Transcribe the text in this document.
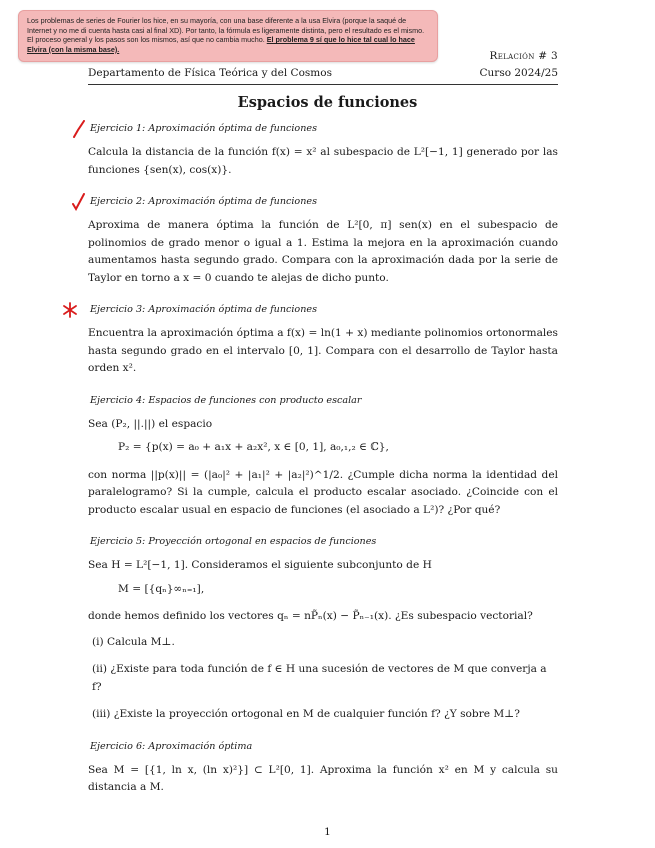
Los problemas de series de Fourier los hice, en su mayoría, con una base diferente a la usa Elvira (porque la saqué de Internet y no me di cuenta hasta casi al final XD). Por tanto, la fórmula es ligeramente distinta, pero el resultado es el mismo. El proceso general y los pasos son los mismos, así que no cambia mucho. El problema 9 sí que lo hice tal cual lo hace Elvira (con la misma base).
Relación # 3
Departamento de Física Teórica y del Cosmos	Curso 2024/25
Espacios de funciones
Ejercicio 1: Aproximación óptima de funciones

Calcula la distancia de la función f(x) = x² al subespacio de L²[−1, 1] generado por las funciones {sen(x), cos(x)}.

Ejercicio 2: Aproximación óptima de funciones

Aproxima de manera óptima la función de L²[0, π] sen(x) en el subespacio de polinomios de grado menor o igual a 1. Estima la mejora en la aproximación cuando aumentamos hasta segundo grado. Compara con la aproximación dada por la serie de Taylor en torno a x = 0 cuando te alejas de dicho punto.

Ejercicio 3: Aproximación óptima de funciones

Encuentra la aproximación óptima a f(x) = ln(1 + x) mediante polinomios ortonormales hasta segundo grado en el intervalo [0, 1]. Compara con el desarrollo de Taylor hasta orden x².

Ejercicio 4: Espacios de funciones con producto escalar

Sea (P₂, ||.||) el espacio

P₂ = {p(x) = a₀ + a₁x + a₂x², x ∈ [0, 1], a₀,₁,₂ ∈ ℂ},

con norma ||p(x)|| = (|a₀|² + |a₁|² + |a₂|²)^1/2. ¿Cumple dicha norma la identidad del paralelogramo? Si la cumple, calcula el producto escalar asociado. ¿Coincide con el producto escalar usual en espacio de funciones (el asociado a L²)? ¿Por qué?

Ejercicio 5: Proyección ortogonal en espacios de funciones

Sea H = L²[−1, 1]. Consideramos el siguiente subconjunto de H

M = [{qₙ}∞ₙ₌₁],

donde hemos definido los vectores qₙ = nP̃ₙ(x) − P̃ₙ₋₁(x). ¿Es subespacio vectorial?

(i) Calcula M⊥.
(ii) ¿Existe para toda función de f ∈ H una sucesión de vectores de M que converja a f?
(iii) ¿Existe la proyección ortogonal en M de cualquier función f? ¿Y sobre M⊥?
Ejercicio 6: Aproximación óptima

Sea M = [{1, ln x, (ln x)²}] ⊂ L²[0, 1]. Aproxima la función x² en M y calcula su distancia a M.

1
